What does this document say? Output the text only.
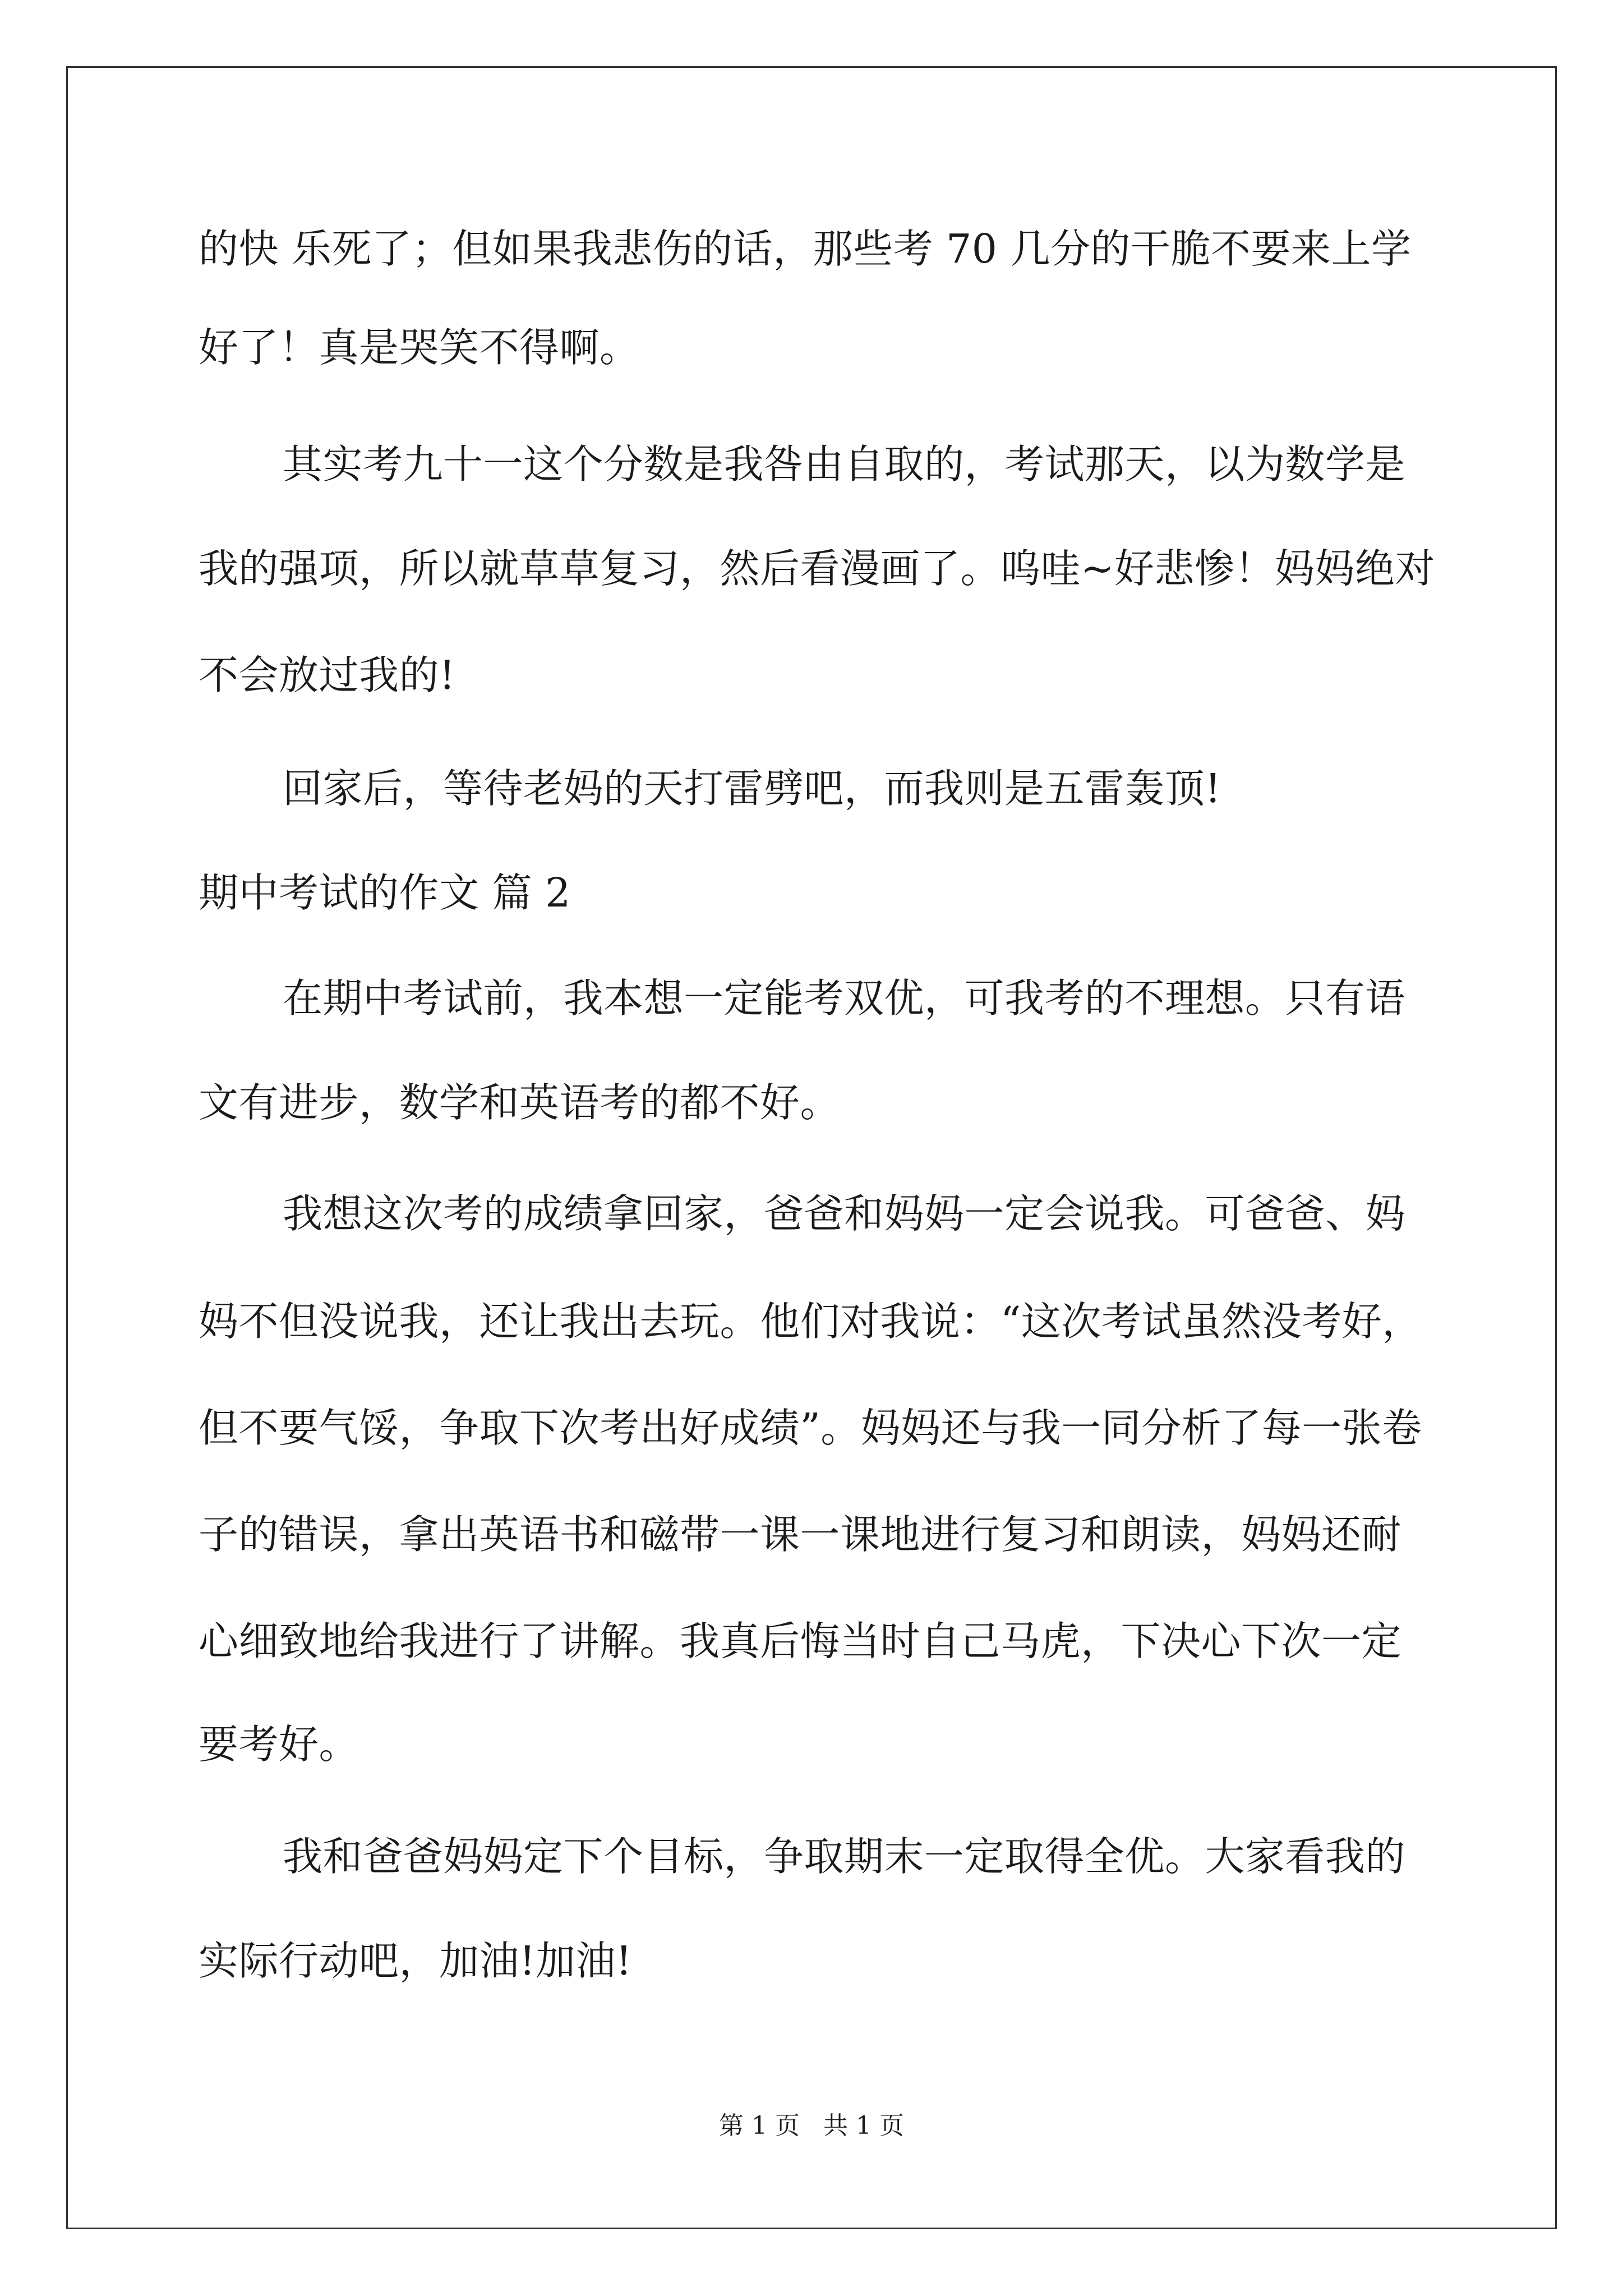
的快 乐死了；但如果我悲伤的话，那些考 70 几分的干脆不要来上学

好了！真是哭笑不得啊。

其实考九十一这个分数是我咎由自取的，考试那天，以为数学是

我的强项，所以就草草复习，然后看漫画了。呜哇~好悲惨！妈妈绝对

不会放过我的!

回家后，等待老妈的天打雷劈吧，而我则是五雷轰顶!

期中考试的作文 篇 2

在期中考试前，我本想一定能考双优，可我考的不理想。只有语

文有进步，数学和英语考的都不好。

我想这次考的成绩拿回家，爸爸和妈妈一定会说我。可爸爸、妈

妈不但没说我，还让我出去玩。他们对我说：“这次考试虽然没考好，

但不要气馁，争取下次考出好成绩”。妈妈还与我一同分析了每一张卷

子的错误，拿出英语书和磁带一课一课地进行复习和朗读，妈妈还耐

心细致地给我进行了讲解。我真后悔当时自己马虎，下决心下次一定

要考好。

我和爸爸妈妈定下个目标，争取期末一定取得全优。大家看我的

实际行动吧，加油!加油!

第 1 页   共 1 页
